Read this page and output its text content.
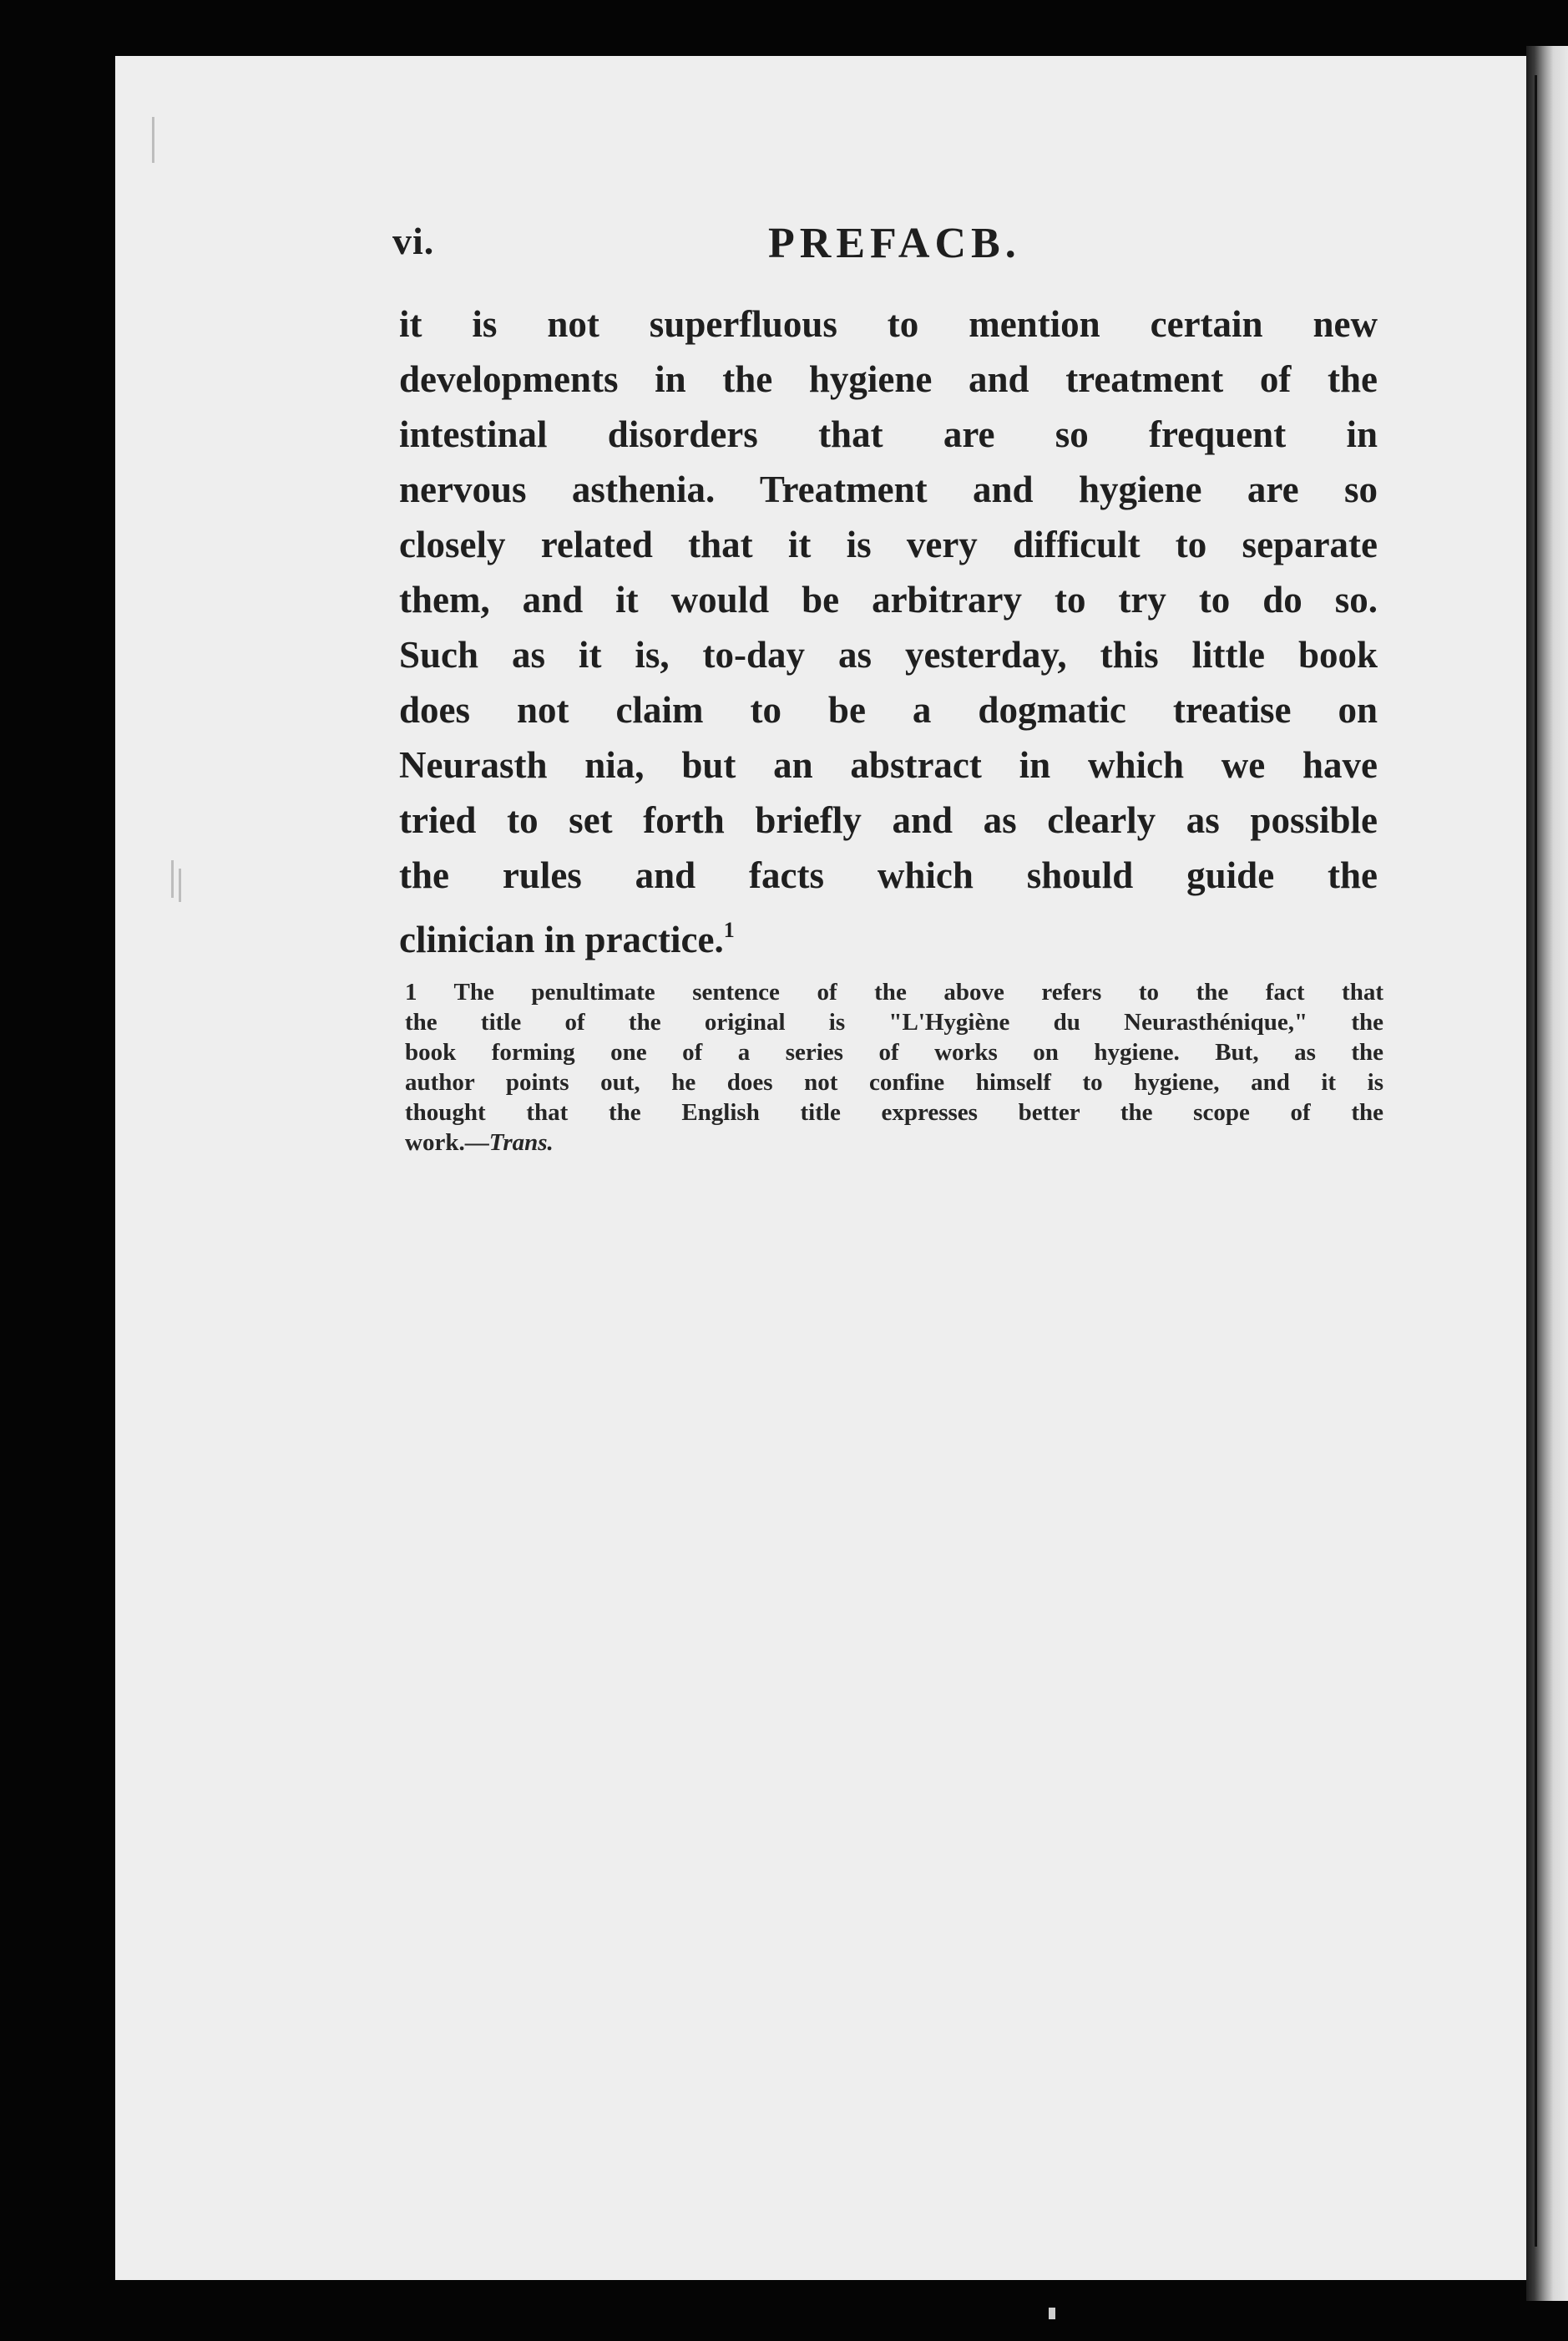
vi.	PREFACB.
it is not superfluous to mention certain new
developments in the hygiene and treatment of the
intestinal disorders that are so frequent in
nervous asthenia. Treatment and hygiene are so
closely related that it is very difficult to separate
them, and it would be arbitrary to try to do so.
Such as it is, to-day as yesterday, this little book
does not claim to be a dogmatic treatise on
Neurasth nia, but an abstract in which we have
tried to set forth briefly and as clearly as possible
the rules and facts which should guide the
clinician in practice.$^1$
1 The penultimate sentence of the above refers to the fact that
the title of the original is "L'Hygiène du Neurasthénique," the
book forming one of a series of works on hygiene. But, as the
author points out, he does not confine himself to hygiene, and it is
thought that the English title expresses better the scope of the
work.—Trans.
